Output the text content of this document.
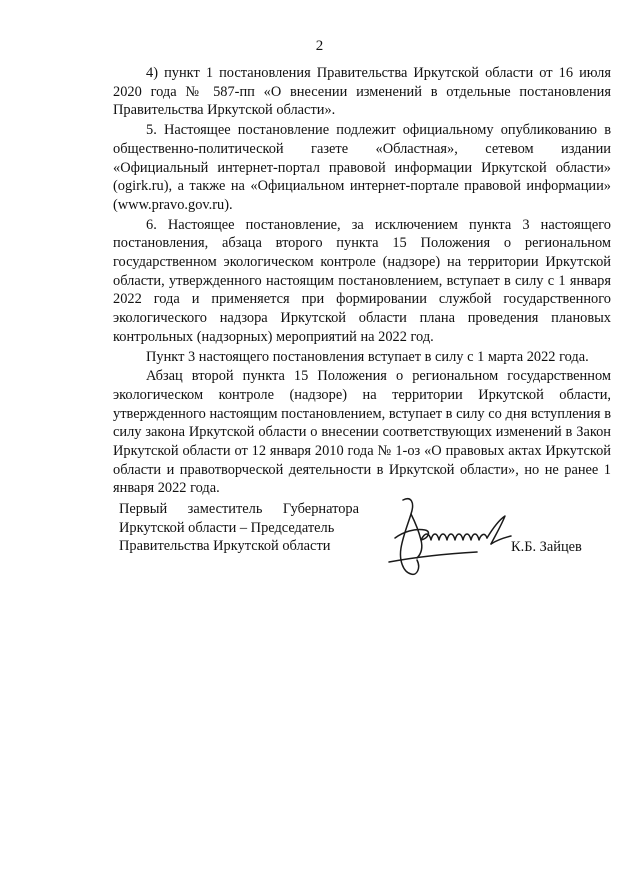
2

4) пункт 1 постановления Правительства Иркутской области от 16 июля 2020 года № 587-пп «О внесении изменений в отдельные постановления Правительства Иркутской области».

5. Настоящее постановление подлежит официальному опубликованию в общественно-политической газете «Областная», сетевом издании «Официальный интернет-портал правовой информации Иркутской области» (ogirk.ru), а также на «Официальном интернет-портале правовой информации» (www.pravo.gov.ru).

6. Настоящее постановление, за исключением пункта 3 настоящего постановления, абзаца второго пункта 15 Положения о региональном государственном экологическом контроле (надзоре) на территории Иркутской области, утвержденного настоящим постановлением, вступает в силу с 1 января 2022 года и применяется при формировании службой государственного экологического надзора Иркутской области плана проведения плановых контрольных (надзорных) мероприятий на 2022 год.

Пункт 3 настоящего постановления вступает в силу с 1 марта 2022 года.

Абзац второй пункта 15 Положения о региональном государственном экологическом контроле (надзоре) на территории Иркутской области, утвержденного настоящим постановлением, вступает в силу со дня вступления в силу закона Иркутской области о внесении соответствующих изменений в Закон Иркутской области от 12 января 2010 года № 1-оз «О правовых актах Иркутской области и правотворческой деятельности в Иркутской области», но не ранее 1 января 2022 года.

Первый заместитель Губернатора
Иркутской области – Председатель
Правительства Иркутской области	К.Б. Зайцев
